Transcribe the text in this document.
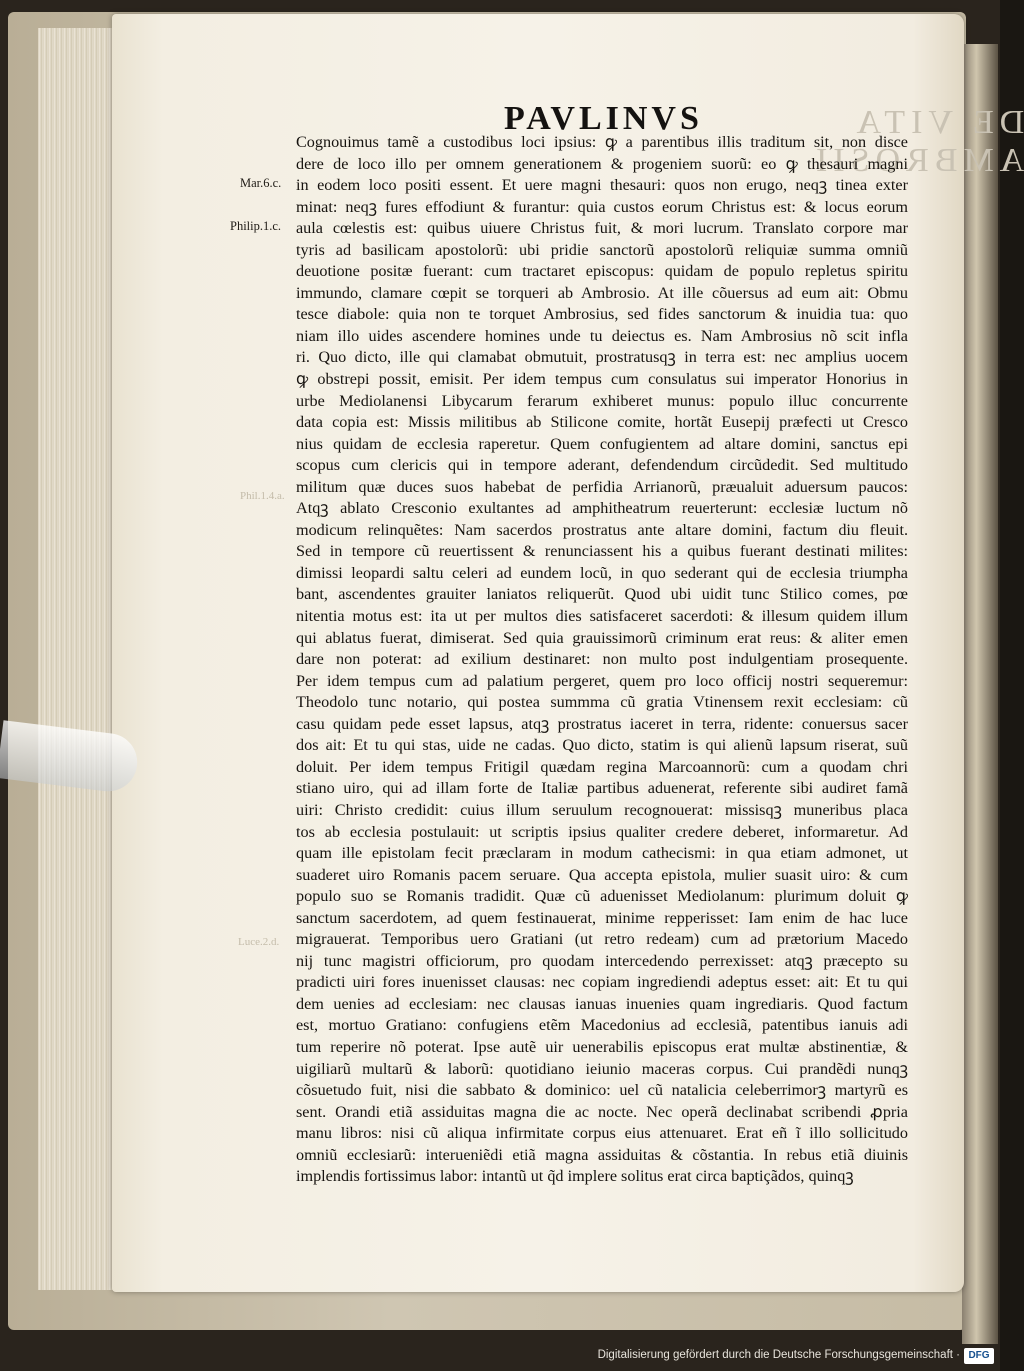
DE VITA AMBROSII
PAVLINVS
Mar.6.c.
Philip.1.c.
Phil.1.4.a.
Luce.2.d.
Cognouimus tamẽ a custodibus loci ipsius: ꝙ a parentibus illis traditum sit, non disce
dere de loco illo per omnem generationem & progeniem suorũ: eo ꝙ thesauri magni
in eodem loco positi essent. Et uere magni thesauri: quos non erugo, neqꝫ tinea exter
minat: neqꝫ fures effodiunt & furantur: quia custos eorum Christus est: & locus eorum
aula cœlestis est: quibus uiuere Christus fuit, & mori lucrum. Translato corpore mar
tyris ad basilicam apostolorũ: ubi pridie sanctorũ apostolorũ reliquiæ summa omniũ
deuotione positæ fuerant: cum tractaret episcopus: quidam de populo repletus spiritu
immundo, clamare cœpit se torqueri ab Ambrosio. At ille cõuersus ad eum ait: Obmu
tesce diabole: quia non te torquet Ambrosius, sed fides sanctorum & inuidia tua: quo
niam illo uides ascendere homines unde tu deiectus es. Nam Ambrosius nõ scit infla
ri. Quo dicto, ille qui clamabat obmutuit, prostratusqꝫ in terra est: nec amplius uocem
ꝙ obstrepi possit, emisit. Per idem tempus cum consulatus sui imperator Honorius in
urbe Mediolanensi Libycarum ferarum exhiberet munus: populo illuc concurrente
data copia est: Missis militibus ab Stilicone comite, hortãt Eusepij præfecti ut Cresco
nius quidam de ecclesia raperetur. Quem confugientem ad altare domini, sanctus epi
scopus cum clericis qui in tempore aderant, defendendum circũdedit. Sed multitudo
militum quæ duces suos habebat de perfidia Arrianorũ, præualuit aduersum paucos:
Atqꝫ ablato Cresconio exultantes ad amphitheatrum reuerterunt: ecclesiæ luctum nõ
modicum relinquẽtes: Nam sacerdos prostratus ante altare domini, factum diu fleuit.
Sed in tempore cũ reuertissent & renunciassent his a quibus fuerant destinati milites:
dimissi leopardi saltu celeri ad eundem locũ, in quo sederant qui de ecclesia triumpha
bant, ascendentes grauiter laniatos reliquerũt. Quod ubi uidit tunc Stilico comes, pœ
nitentia motus est: ita ut per multos dies satisfaceret sacerdoti: & illesum quidem illum
qui ablatus fuerat, dimiserat. Sed quia grauissimorũ criminum erat reus: & aliter emen
dare non poterat: ad exilium destinaret: non multo post indulgentiam prosequente.
Per idem tempus cum ad palatium pergeret, quem pro loco officij nostri sequeremur:
Theodolo tunc notario, qui postea summma cũ gratia Vtinensem rexit ecclesiam: cũ
casu quidam pede esset lapsus, atqꝫ prostratus iaceret in terra, ridente: conuersus sacer
dos ait: Et tu qui stas, uide ne cadas. Quo dicto, statim is qui alienũ lapsum riserat, suũ
doluit. Per idem tempus Fritigil quædam regina Marcoannorũ: cum a quodam chri
stiano uiro, qui ad illam forte de Italiæ partibus aduenerat, referente sibi audiret famã
uiri: Christo credidit: cuius illum seruulum recognouerat: missisqꝫ muneribus placa
tos ab ecclesia postulauit: ut scriptis ipsius qualiter credere deberet, informaretur. Ad
quam ille epistolam fecit præclaram in modum cathecismi: in qua etiam admonet, ut
suaderet uiro Romanis pacem seruare. Qua accepta epistola, mulier suasit uiro: & cum
populo suo se Romanis tradidit. Quæ cũ aduenisset Mediolanum: plurimum doluit ꝙ
sanctum sacerdotem, ad quem festinauerat, minime repperisset: Iam enim de hac luce
migrauerat. Temporibus uero Gratiani (ut retro redeam) cum ad prætorium Macedo
nij tunc magistri officiorum, pro quodam intercedendo perrexisset: atqꝫ præcepto su
pradicti uiri fores inuenisset clausas: nec copiam ingrediendi adeptus esset: ait: Et tu qui
dem uenies ad ecclesiam: nec clausas ianuas inuenies quam ingrediaris. Quod factum
est, mortuo Gratiano: confugiens etẽm Macedonius ad ecclesiã, patentibus ianuis adi
tum reperire nõ poterat. Ipse autẽ uir uenerabilis episcopus erat multæ abstinentiæ, &
uigiliarũ multarũ & laborũ: quotidiano ieiunio maceras corpus. Cui prandẽdi nunqꝫ
cõsuetudo fuit, nisi die sabbato & dominico: uel cũ natalicia celeberrimorꝫ martyrũ es
sent. Orandi etiã assiduitas magna die ac nocte. Nec operã declinabat scribendi ꝓpria
manu libros: nisi cũ aliqua infirmitate corpus eius attenuaret. Erat eñ ĩ illo sollicitudo
omniũ ecclesiarũ: interueniẽdi etiã magna assiduitas & cõstantia. In rebus etiã diuinis
implendis fortissimus labor: intantũ ut q̃d implere solitus erat circa baptiçãdos, quinqꝫ
Digitalisierung gefördert durch die Deutsche Forschungsgemeinschaft · DFG
